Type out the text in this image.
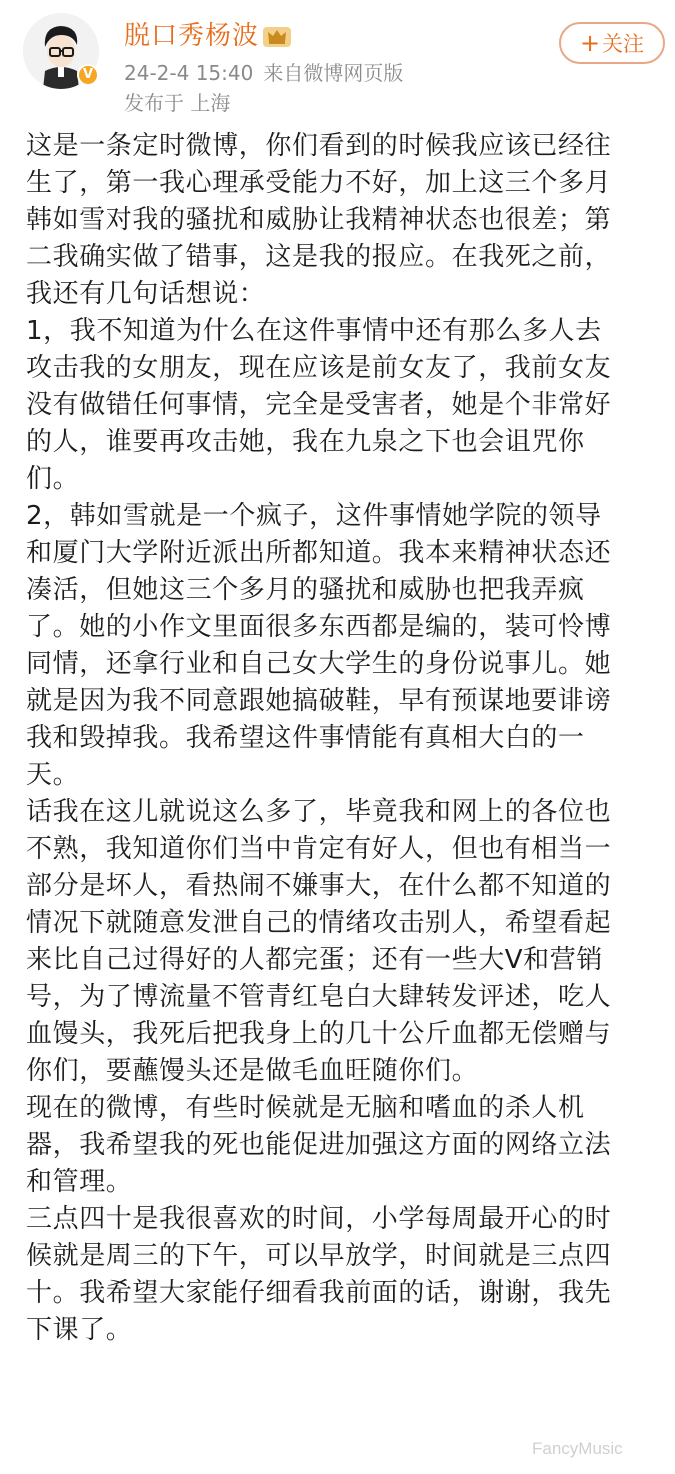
V
脱口秀杨波
24-2-4 15:40 来自微博网页版
发布于 上海
+关注
这是一条定时微博，你们看到的时候我应该已经往
生了，第一我心理承受能力不好，加上这三个多月
韩如雪对我的骚扰和威胁让我精神状态也很差；第
二我确实做了错事，这是我的报应。在我死之前，
我还有几句话想说：
1，我不知道为什么在这件事情中还有那么多人去
攻击我的女朋友，现在应该是前女友了，我前女友
没有做错任何事情，完全是受害者，她是个非常好
的人，谁要再攻击她，我在九泉之下也会诅咒你
们。
2，韩如雪就是一个疯子，这件事情她学院的领导
和厦门大学附近派出所都知道。我本来精神状态还
凑活，但她这三个多月的骚扰和威胁也把我弄疯
了。她的小作文里面很多东西都是编的，装可怜博
同情，还拿行业和自己女大学生的身份说事儿。她
就是因为我不同意跟她搞破鞋，早有预谋地要诽谤
我和毁掉我。我希望这件事情能有真相大白的一
天。
话我在这儿就说这么多了，毕竟我和网上的各位也
不熟，我知道你们当中肯定有好人，但也有相当一
部分是坏人，看热闹不嫌事大，在什么都不知道的
情况下就随意发泄自己的情绪攻击别人，希望看起
来比自己过得好的人都完蛋；还有一些大V和营销
号，为了博流量不管青红皂白大肆转发评述，吃人
血馒头，我死后把我身上的几十公斤血都无偿赠与
你们，要蘸馒头还是做毛血旺随你们。
现在的微博，有些时候就是无脑和嗜血的杀人机
器，我希望我的死也能促进加强这方面的网络立法
和管理。
三点四十是我很喜欢的时间，小学每周最开心的时
候就是周三的下午，可以早放学，时间就是三点四
十。我希望大家能仔细看我前面的话，谢谢，我先
下课了。
FancyMusic
